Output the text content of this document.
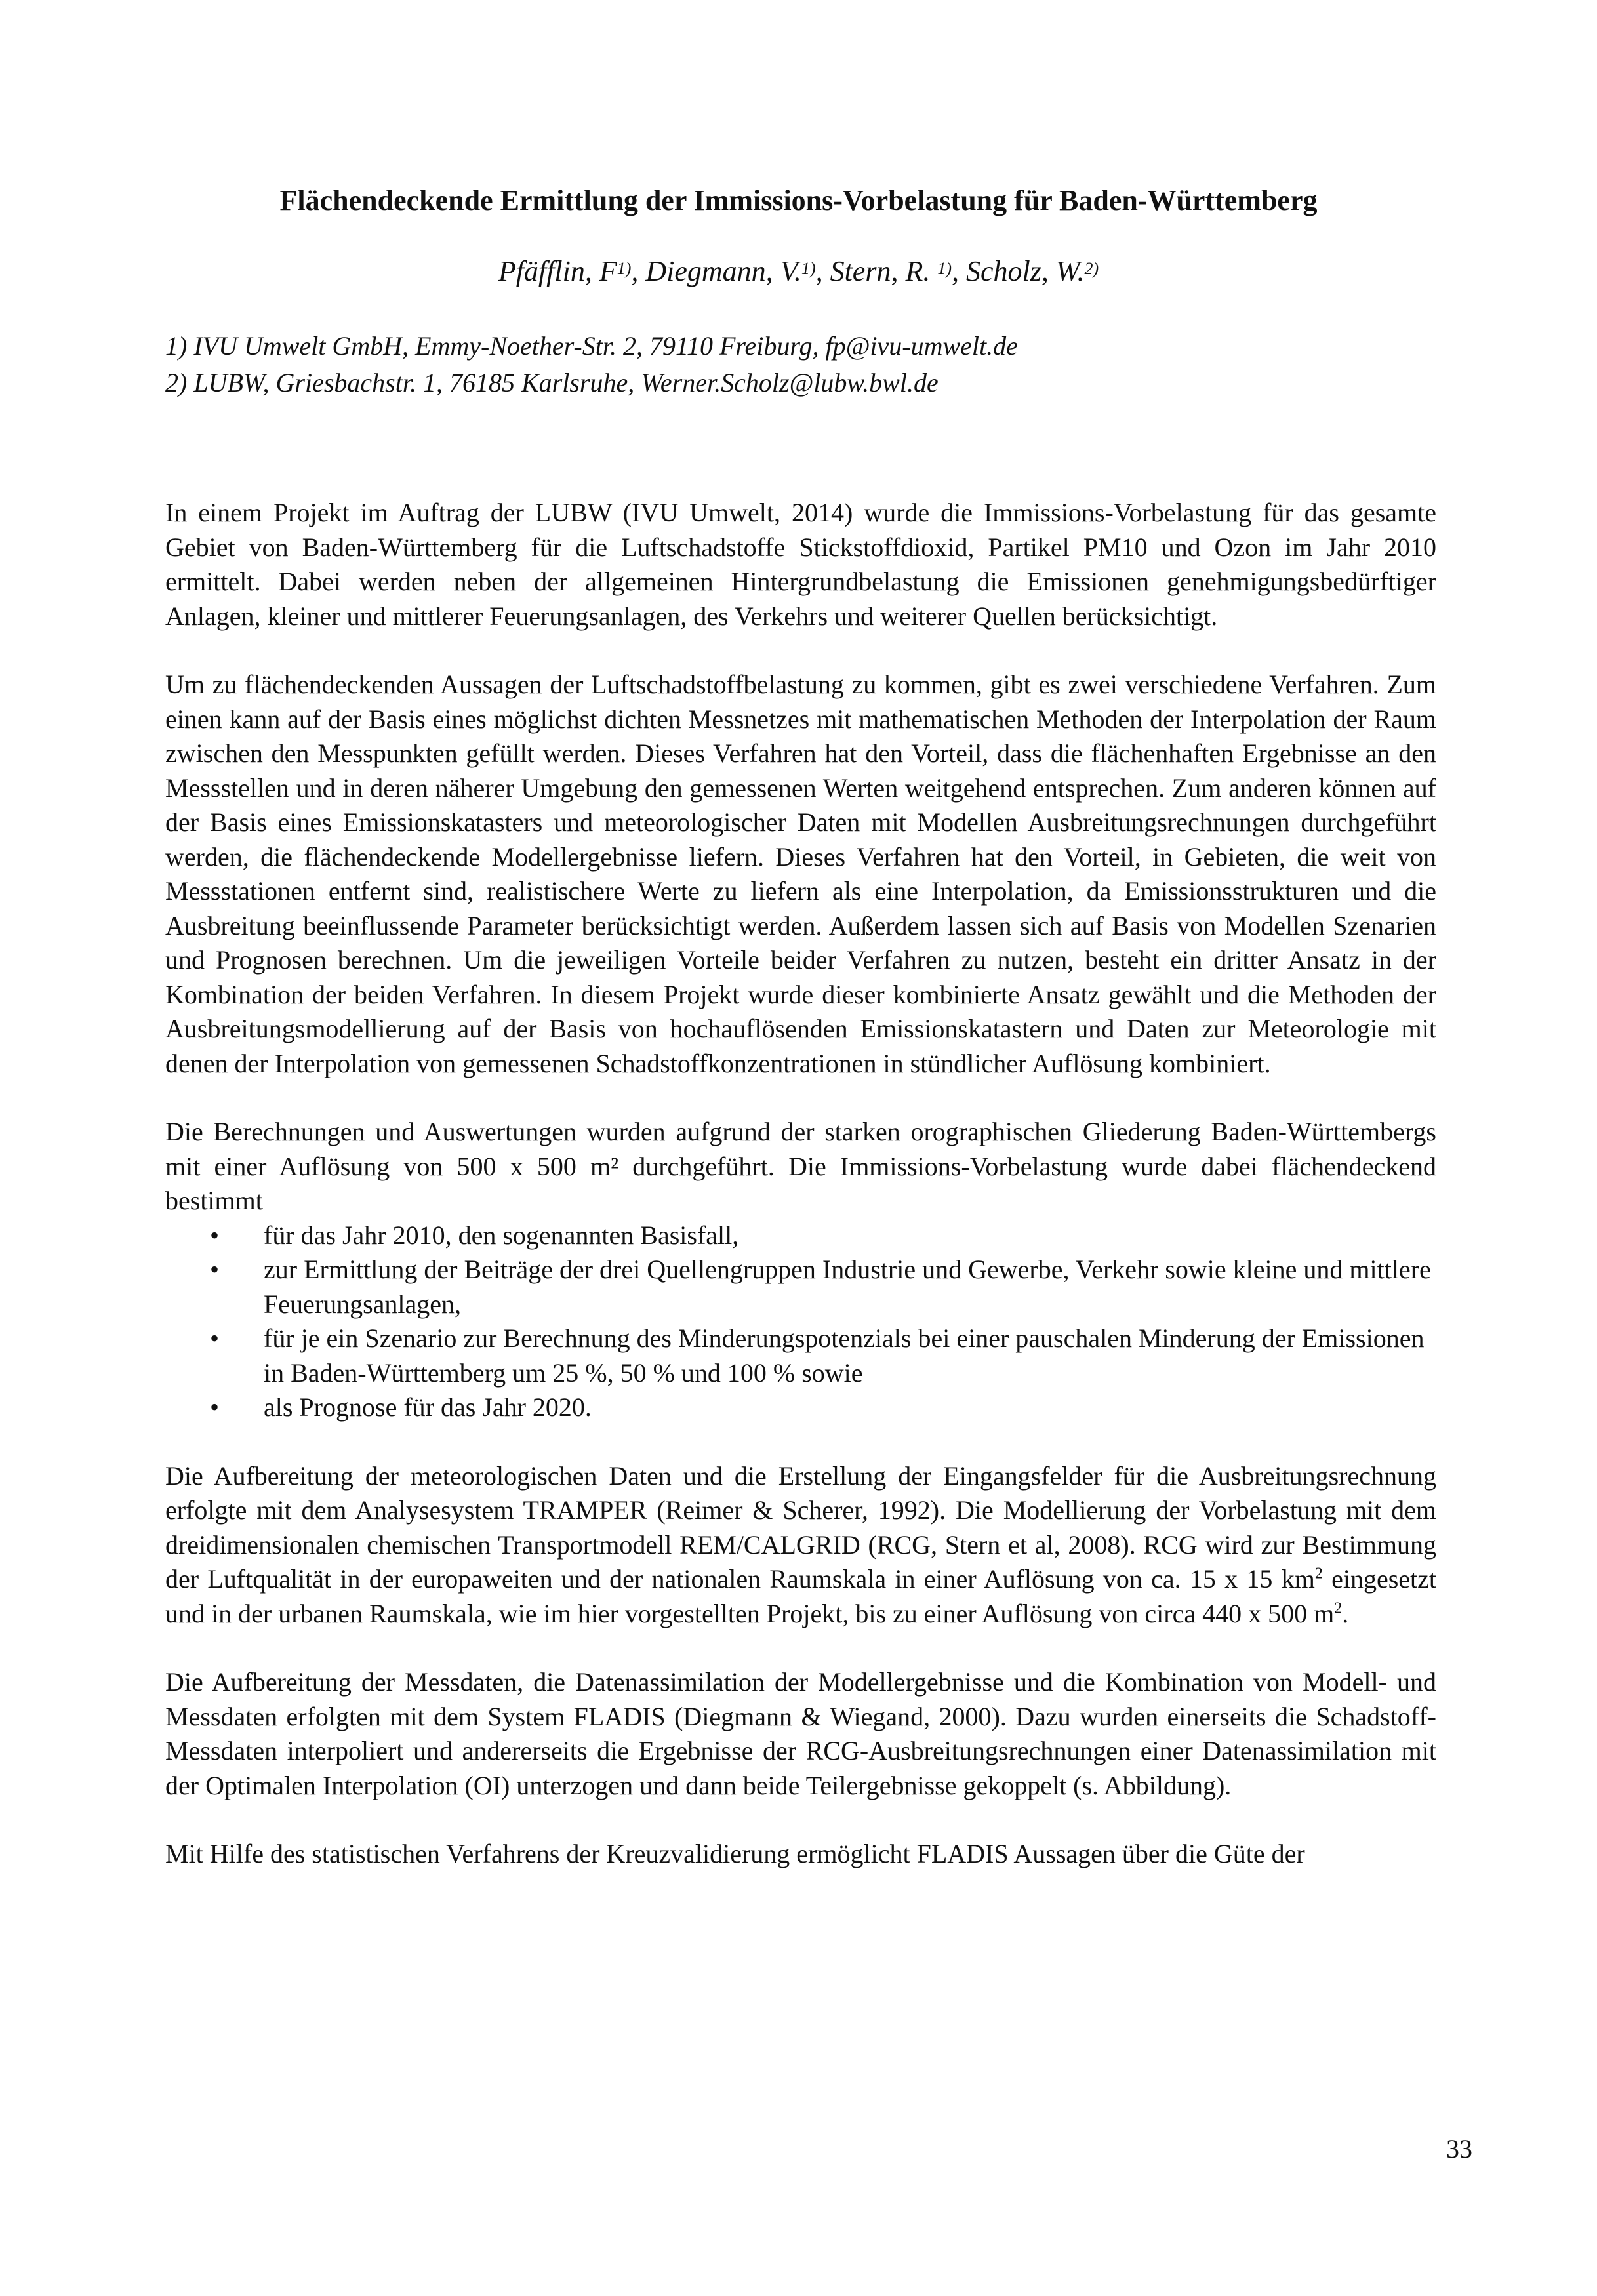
Flächendeckende Ermittlung der Immissions-Vorbelastung für Baden-Württemberg
Pfäfflin, $F^{1)}$, Diegmann, V.$^{1)}$, Stern, R. $^{1)}$, Scholz, W.$^{2)}$
1) IVU Umwelt GmbH, Emmy-Noether-Str. 2, 79110 Freiburg, fp@ivu-umwelt.de
2) LUBW, Griesbachstr. 1, 76185 Karlsruhe, Werner.Scholz@lubw.bwl.de

In einem Projekt im Auftrag der LUBW (IVU Umwelt, 2014) wurde die Immissions-Vorbelastung für das gesamte Gebiet von Baden-Württemberg für die Luftschadstoffe Stickstoffdioxid, Partikel PM10 und Ozon im Jahr 2010 ermittelt. Dabei werden neben der allgemeinen Hintergrundbelastung die Emissionen genehmigungsbedürftiger Anlagen, kleiner und mittlerer Feuerungsanlagen, des Verkehrs und weiterer Quellen berücksichtigt.

Um zu flächendeckenden Aussagen der Luftschadstoffbelastung zu kommen, gibt es zwei verschiedene Verfahren. Zum einen kann auf der Basis eines möglichst dichten Messnetzes mit mathematischen Methoden der Interpolation der Raum zwischen den Messpunkten gefüllt werden. Dieses Verfahren hat den Vorteil, dass die flächenhaften Ergebnisse an den Messstellen und in deren näherer Umgebung den gemessenen Werten weitgehend entsprechen. Zum anderen können auf der Basis eines Emissionskatasters und meteorologischer Daten mit Modellen Ausbreitungsrechnungen durchgeführt werden, die flächendeckende Modellergebnisse liefern. Dieses Verfahren hat den Vorteil, in Gebieten, die weit von Messstationen entfernt sind, realistischere Werte zu liefern als eine Interpolation, da Emissionsstrukturen und die Ausbreitung beeinflussende Parameter berücksichtigt werden. Außerdem lassen sich auf Basis von Modellen Szenarien und Prognosen berechnen. Um die jeweiligen Vorteile beider Verfahren zu nutzen, besteht ein dritter Ansatz in der Kombination der beiden Verfahren. In diesem Projekt wurde dieser kombinierte Ansatz gewählt und die Methoden der Ausbreitungsmodellierung auf der Basis von hochauflösenden Emissionskatastern und Daten zur Meteorologie mit denen der Interpolation von gemessenen Schadstoffkonzentrationen in stündlicher Auflösung kombiniert.

Die Berechnungen und Auswertungen wurden aufgrund der starken orographischen Gliederung Baden-Württembergs mit einer Auflösung von 500 x 500 m² durchgeführt. Die Immissions-Vorbelastung wurde dabei flächendeckend bestimmt

• für das Jahr 2010, den sogenannten Basisfall,
• zur Ermittlung der Beiträge der drei Quellengruppen Industrie und Gewerbe, Verkehr sowie kleine und mittlere Feuerungsanlagen,
• für je ein Szenario zur Berechnung des Minderungspotenzials bei einer pauschalen Minderung der Emissionen in Baden-Württemberg um 25 %, 50 % und 100 % sowie
• als Prognose für das Jahr 2020.

Die Aufbereitung der meteorologischen Daten und die Erstellung der Eingangsfelder für die Ausbreitungsrechnung erfolgte mit dem Analysesystem TRAMPER (Reimer & Scherer, 1992). Die Modellierung der Vorbelastung mit dem dreidimensionalen chemischen Transportmodell REM/CALGRID (RCG, Stern et al, 2008). RCG wird zur Bestimmung der Luftqualität in der europaweiten und der nationalen Raumskala in einer Auflösung von ca. 15 x 15 $km^2$ eingesetzt und in der urbanen Raumskala, wie im hier vorgestellten Projekt, bis zu einer Auflösung von circa 440 x 500 $m^2$.

Die Aufbereitung der Messdaten, die Datenassimilation der Modellergebnisse und die Kombination von Modell- und Messdaten erfolgten mit dem System FLADIS (Diegmann & Wiegand, 2000). Dazu wurden einerseits die Schadstoff-Messdaten interpoliert und andererseits die Ergebnisse der RCG-Ausbreitungsrechnungen einer Datenassimilation mit der Optimalen Interpolation (OI) unterzogen und dann beide Teilergebnisse gekoppelt (s. Abbildung).

Mit Hilfe des statistischen Verfahrens der Kreuzvalidierung ermöglicht FLADIS Aussagen über die Güte der

33
